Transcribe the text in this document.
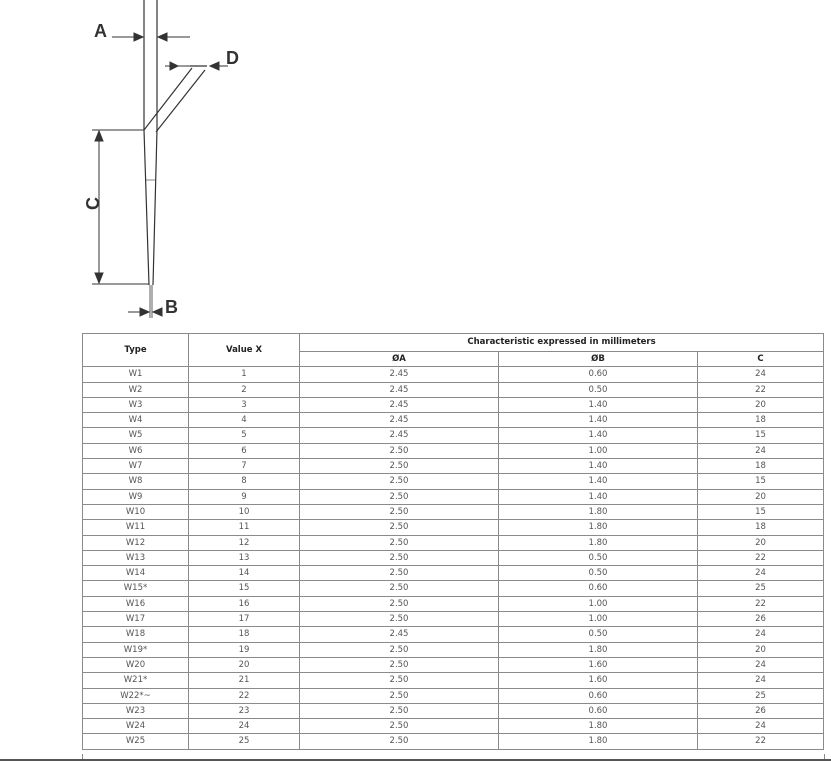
A
D
C
B
Type	Value X	Characteristic expressed in millimeters		
		ØA	ØB	C
W1	1	2.45	0.60	24
W2	2	2.45	0.50	22
W3	3	2.45	1.40	20
W4	4	2.45	1.40	18
W5	5	2.45	1.40	15
W6	6	2.50	1.00	24
W7	7	2.50	1.40	18
W8	8	2.50	1.40	15
W9	9	2.50	1.40	20
W10	10	2.50	1.80	15
W11	11	2.50	1.80	18
W12	12	2.50	1.80	20
W13	13	2.50	0.50	22
W14	14	2.50	0.50	24
W15*	15	2.50	0.60	25
W16	16	2.50	1.00	22
W17	17	2.50	1.00	26
W18	18	2.45	0.50	24
W19*	19	2.50	1.80	20
W20	20	2.50	1.60	24
W21*	21	2.50	1.60	24
W22*~	22	2.50	0.60	25
W23	23	2.50	0.60	26
W24	24	2.50	1.80	24
W25	25	2.50	1.80	22
